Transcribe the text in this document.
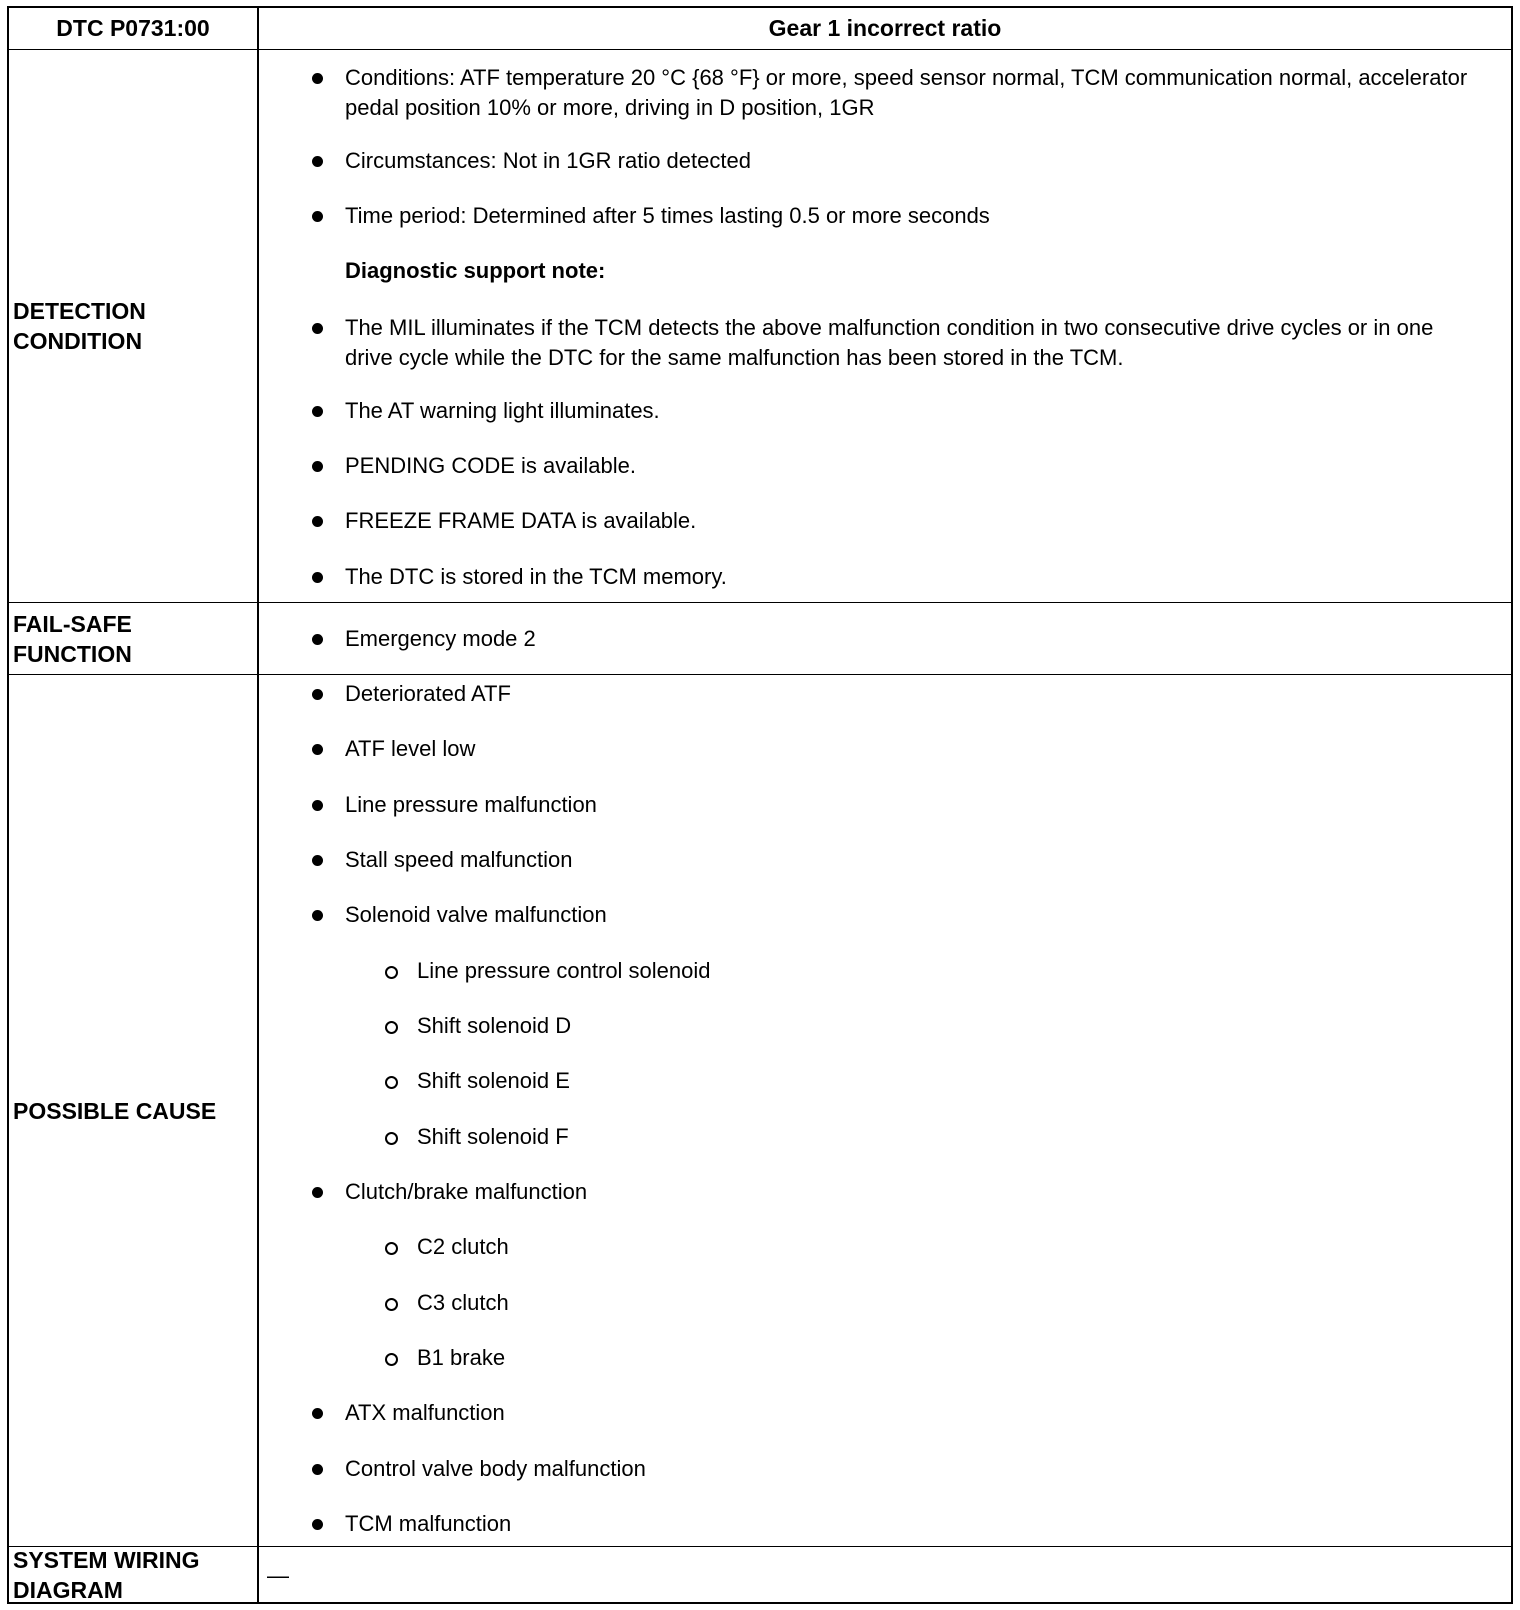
DTC P0731:00	Gear 1 incorrect ratio
DETECTION
CONDITION
Conditions: ATF temperature 20 °C {68 °F} or more, speed sensor normal, TCM communication normal, accelerator pedal position 10% or more, driving in D position, 1GR
Circumstances: Not in 1GR ratio detected
Time period: Determined after 5 times lasting 0.5 or more seconds
Diagnostic support note:
The MIL illuminates if the TCM detects the above malfunction condition in two consecutive drive cycles or in one drive cycle while the DTC for the same malfunction has been stored in the TCM.
The AT warning light illuminates.
PENDING CODE is available.
FREEZE FRAME DATA is available.
The DTC is stored in the TCM memory.
FAIL-SAFE
FUNCTION
Emergency mode 2
POSSIBLE CAUSE
Deteriorated ATF
ATF level low
Line pressure malfunction
Stall speed malfunction
Solenoid valve malfunction
Line pressure control solenoid
Shift solenoid D
Shift solenoid E
Shift solenoid F
Clutch/brake malfunction
C2 clutch
C3 clutch
B1 brake
ATX malfunction
Control valve body malfunction
TCM malfunction
SYSTEM WIRING
DIAGRAM
—
